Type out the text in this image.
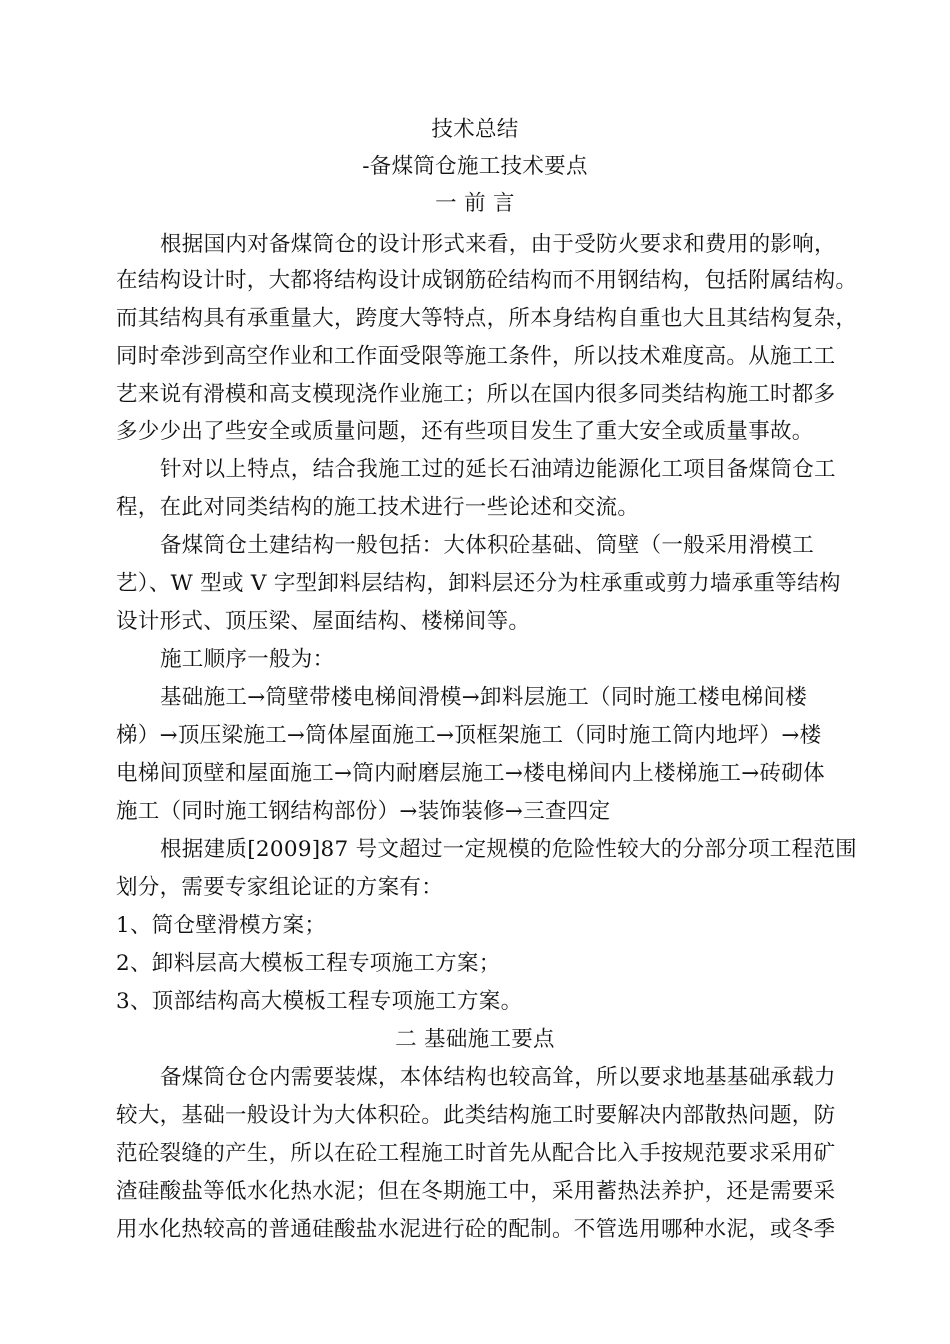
技术总结
-备煤筒仓施工技术要点
一 前 言
根据国内对备煤筒仓的设计形式来看，由于受防火要求和费用的影响，
在结构设计时，大都将结构设计成钢筋砼结构而不用钢结构，包括附属结构。
而其结构具有承重量大，跨度大等特点，所本身结构自重也大且其结构复杂，
同时牵涉到高空作业和工作面受限等施工条件，所以技术难度高。从施工工
艺来说有滑模和高支模现浇作业施工；所以在国内很多同类结构施工时都多
多少少出了些安全或质量问题，还有些项目发生了重大安全或质量事故。
针对以上特点，结合我施工过的延长石油靖边能源化工项目备煤筒仓工
程，在此对同类结构的施工技术进行一些论述和交流。
备煤筒仓土建结构一般包括：大体积砼基础、筒壁（一般采用滑模工
艺）、W 型或 V 字型卸料层结构，卸料层还分为柱承重或剪力墙承重等结构
设计形式、顶压梁、屋面结构、楼梯间等。
施工顺序一般为：
基础施工→筒壁带楼电梯间滑模→卸料层施工（同时施工楼电梯间楼
梯）→顶压梁施工→筒体屋面施工→顶框架施工（同时施工筒内地坪）→楼
电梯间顶壁和屋面施工→筒内耐磨层施工→楼电梯间内上楼梯施工→砖砌体
施工（同时施工钢结构部份）→装饰装修→三查四定
根据建质[2009]87 号文超过一定规模的危险性较大的分部分项工程范围
划分，需要专家组论证的方案有：
1、筒仓壁滑模方案；
2、卸料层高大模板工程专项施工方案；
3、顶部结构高大模板工程专项施工方案。
二 基础施工要点
备煤筒仓仓内需要装煤，本体结构也较高耸，所以要求地基基础承载力
较大，基础一般设计为大体积砼。此类结构施工时要解决内部散热问题，防
范砼裂缝的产生，所以在砼工程施工时首先从配合比入手按规范要求采用矿
渣硅酸盐等低水化热水泥；但在冬期施工中，采用蓄热法养护，还是需要采
用水化热较高的普通硅酸盐水泥进行砼的配制。不管选用哪种水泥，或冬季
